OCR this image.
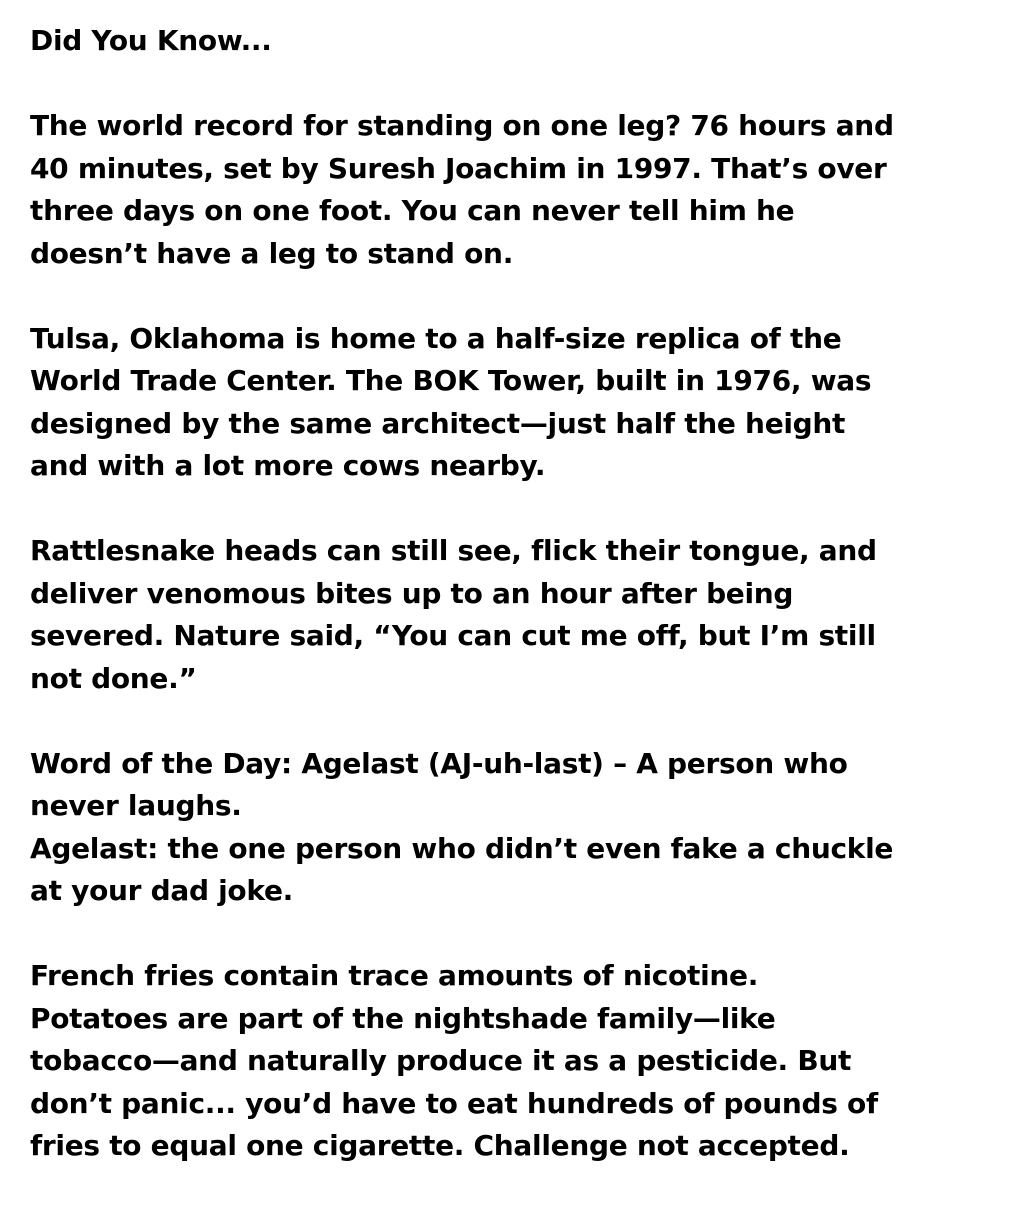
Did You Know...
The world record for standing on one leg? 76 hours and
40 minutes, set by Suresh Joachim in 1997. That’s over
three days on one foot. You can never tell him he
doesn’t have a leg to stand on.
Tulsa, Oklahoma is home to a half-size replica of the
World Trade Center. The BOK Tower, built in 1976, was
designed by the same architect—just half the height
and with a lot more cows nearby.
Rattlesnake heads can still see, flick their tongue, and
deliver venomous bites up to an hour after being
severed. Nature said, “You can cut me off, but I’m still
not done.”
Word of the Day: Agelast (AJ-uh-last) – A person who
never laughs.
Agelast: the one person who didn’t even fake a chuckle
at your dad joke.
French fries contain trace amounts of nicotine.
Potatoes are part of the nightshade family—like
tobacco—and naturally produce it as a pesticide. But
don’t panic... you’d have to eat hundreds of pounds of
fries to equal one cigarette. Challenge not accepted.
